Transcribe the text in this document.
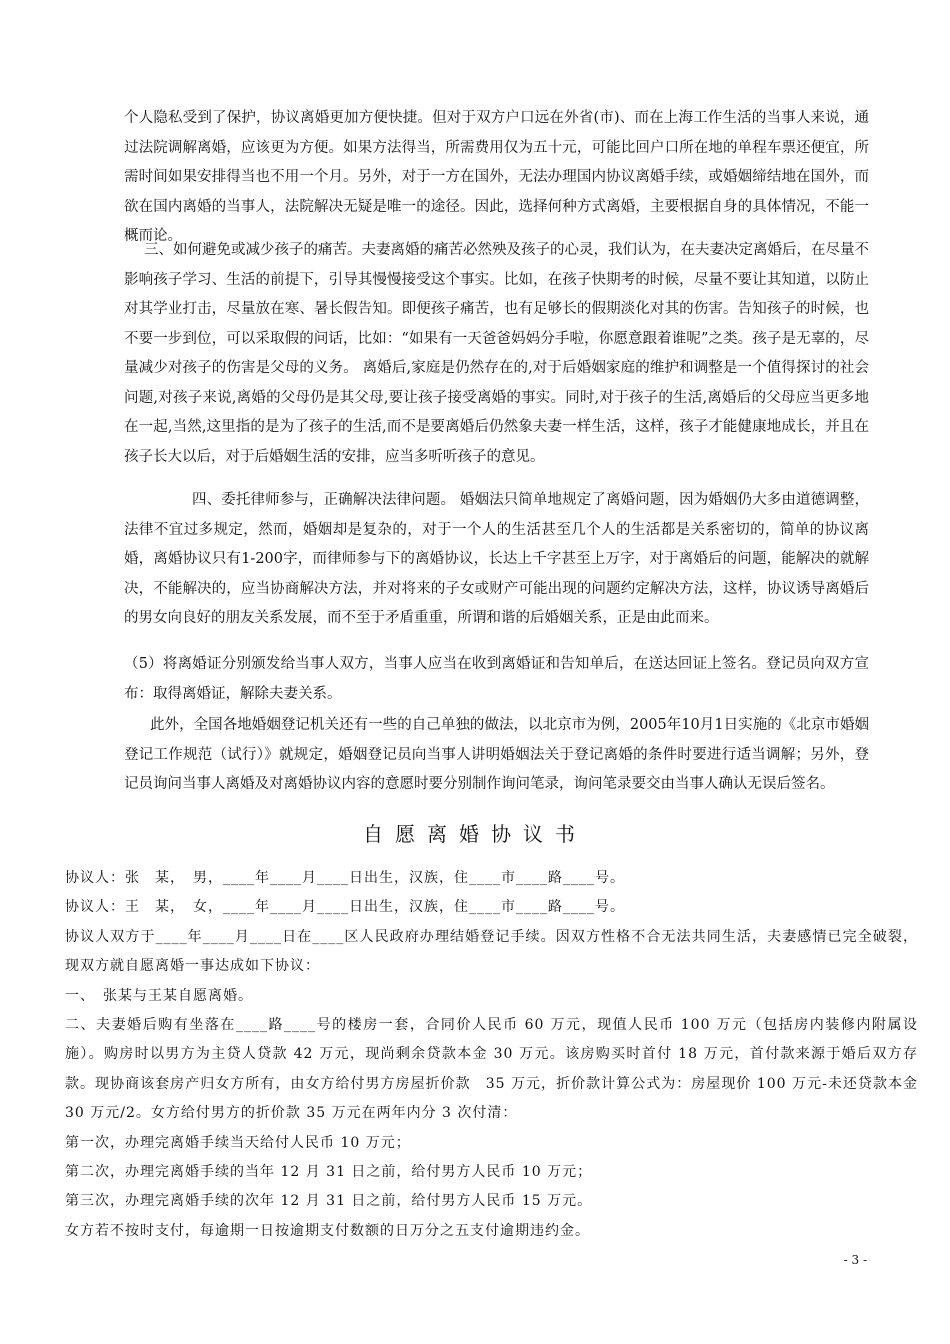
个人隐私受到了保护，协议离婚更加方便快捷。但对于双方户口远在外省(市)、而在上海工作生活的当事人来说，通过法院调解离婚，应该更为方便。如果方法得当，所需费用仅为五十元，可能比回户口所在地的单程车票还便宜，所需时间如果安排得当也不用一个月。另外，对于一方在国外，无法办理国内协议离婚手续，或婚姻缔结地在国外，而欲在国内离婚的当事人，法院解决无疑是唯一的途径。因此，选择何种方式离婚，主要根据自身的具体情况，不能一概而论。

三、如何避免或减少孩子的痛苦。夫妻离婚的痛苦必然殃及孩子的心灵，我们认为，在夫妻决定离婚后，在尽量不影响孩子学习、生活的前提下，引导其慢慢接受这个事实。比如，在孩子快期考的时候，尽量不要让其知道，以防止对其学业打击，尽量放在寒、暑长假告知。即便孩子痛苦，也有足够长的假期淡化对其的伤害。告知孩子的时候，也不要一步到位，可以采取假的问话，比如：“如果有一天爸爸妈妈分手啦，你愿意跟着谁呢”之类。孩子是无辜的，尽量减少对孩子的伤害是父母的义务。 离婚后,家庭是仍然存在的,对于后婚姻家庭的维护和调整是一个值得探讨的社会问题,对孩子来说,离婚的父母仍是其父母,要让孩子接受离婚的事实。同时,对于孩子的生活,离婚后的父母应当更多地在一起,当然,这里指的是为了孩子的生活,而不是要离婚后仍然象夫妻一样生活，这样，孩子才能健康地成长，并且在孩子长大以后，对于后婚姻生活的安排，应当多听听孩子的意见。

四、委托律师参与，正确解决法律问题。 婚姻法只简单地规定了离婚问题，因为婚姻仍大多由道德调整，法律不宜过多规定，然而，婚姻却是复杂的，对于一个人的生活甚至几个人的生活都是关系密切的，简单的协议离婚，离婚协议只有1-200字，而律师参与下的离婚协议，长达上千字甚至上万字，对于离婚后的问题，能解决的就解决，不能解决的，应当协商解决方法，并对将来的子女或财产可能出现的问题约定解决方法，这样，协议诱导离婚后的男女向良好的朋友关系发展，而不至于矛盾重重，所谓和谐的后婚姻关系，正是由此而来。

（5）将离婚证分别颁发给当事人双方，当事人应当在收到离婚证和告知单后，在送达回证上签名。登记员向双方宣布：取得离婚证，解除夫妻关系。

此外，全国各地婚姻登记机关还有一些的自己单独的做法，以北京市为例，2005年10月1日实施的《北京市婚姻登记工作规范（试行）》就规定，婚姻登记员向当事人讲明婚姻法关于登记离婚的条件时要进行适当调解；另外，登记员询问当事人离婚及对离婚协议内容的意愿时要分别制作询问笔录，询问笔录要交由当事人确认无误后签名。

自愿离婚协议书
协议人：张　某，　男，____年____月____日出生，汉族，住____市____路____号。
协议人：王　某，　女，____年____月____日出生，汉族，住____市____路____号。
协议人双方于____年____月____日在____区人民政府办理结婚登记手续。因双方性格不合无法共同生活，夫妻感情已完全破裂，现双方就自愿离婚一事达成如下协议：
一、　张某与王某自愿离婚。
二、夫妻婚后购有坐落在____路____号的楼房一套，合同价人民币 60 万元，现值人民币 100 万元（包括房内装修内附属设施）。购房时以男方为主贷人贷款 42 万元，现尚剩余贷款本金 30 万元。该房购买时首付 18 万元，首付款来源于婚后双方存款。现协商该套房产归女方所有，由女方给付男方房屋折价款　35 万元，折价款计算公式为：房屋现价 100 万元-未还贷款本金 30 万元/2。女方给付男方的折价款 35 万元在两年内分 3 次付清：
第一次，办理完离婚手续当天给付人民币 10 万元；
第二次，办理完离婚手续的当年 12 月 31 日之前，给付男方人民币 10 万元；
第三次，办理完离婚手续的次年 12 月 31 日之前，给付男方人民币 15 万元。
女方若不按时支付，每逾期一日按逾期支付数额的日万分之五支付逾期违约金。
- 3 -
